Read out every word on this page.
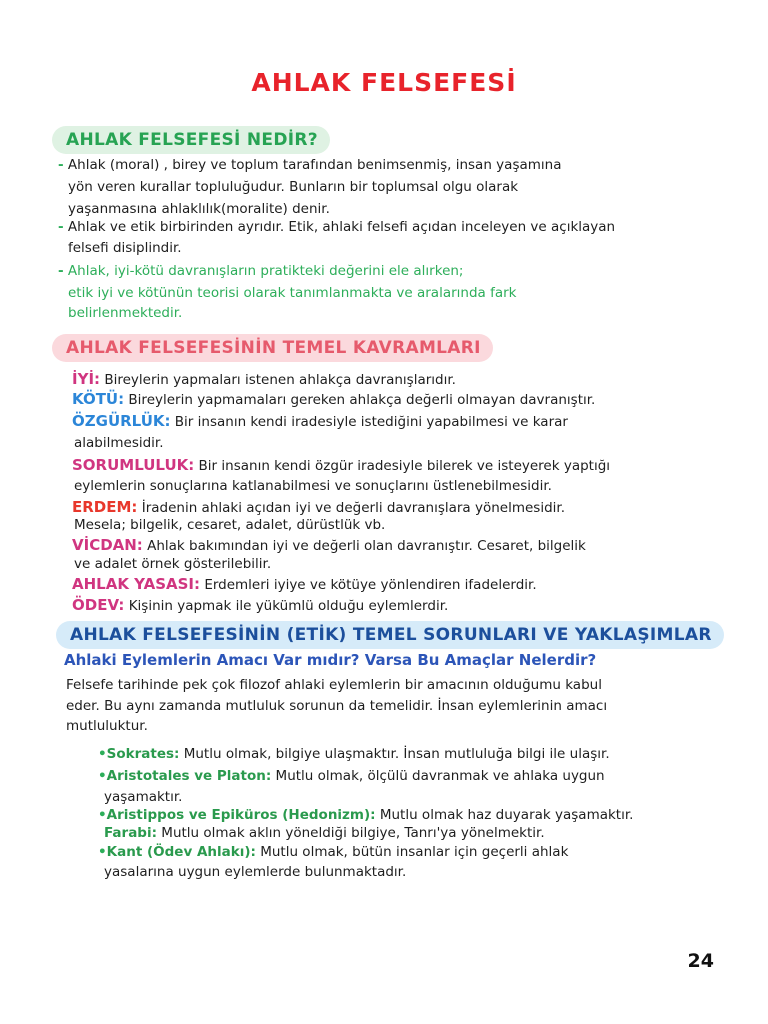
AHLAK FELSEFESİ
AHLAK FELSEFESİ NEDİR?
- Ahlak (moral) , birey ve toplum tarafından benimsenmiş, insan yaşamına
yön veren kurallar topluluğudur. Bunların bir toplumsal olgu olarak
yaşanmasına ahlaklılık(moralite) denir.
- Ahlak ve etik birbirinden ayrıdır. Etik, ahlaki felsefi açıdan inceleyen ve açıklayan
felsefi disiplindir.
- Ahlak, iyi-kötü davranışların pratikteki değerini ele alırken;
etik iyi ve kötünün teorisi olarak tanımlanmakta ve aralarında fark
belirlenmektedir.
AHLAK FELSEFESİNİN TEMEL KAVRAMLARI
İYİ: Bireylerin yapmaları istenen ahlakça davranışlarıdır.
KÖTÜ: Bireylerin yapmamaları gereken ahlakça değerli olmayan davranıştır.
ÖZGÜRLÜK: Bir insanın kendi iradesiyle istediğini yapabilmesi ve karar
alabilmesidir.
SORUMLULUK: Bir insanın kendi özgür iradesiyle bilerek ve isteyerek yaptığı
eylemlerin sonuçlarına katlanabilmesi ve sonuçlarını üstlenebilmesidir.
ERDEM: İradenin ahlaki açıdan iyi ve değerli davranışlara yönelmesidir.
Mesela; bilgelik, cesaret, adalet, dürüstlük vb.
VİCDAN: Ahlak bakımından iyi ve değerli olan davranıştır. Cesaret, bilgelik
ve adalet örnek gösterilebilir.
AHLAK YASASI: Erdemleri iyiye ve kötüye yönlendiren ifadelerdir.
ÖDEV: Kişinin yapmak ile yükümlü olduğu eylemlerdir.
AHLAK FELSEFESİNİN (ETİK) TEMEL SORUNLARI VE YAKLAŞIMLAR
Ahlaki Eylemlerin Amacı Var mıdır? Varsa Bu Amaçlar Nelerdir?
Felsefe tarihinde pek çok filozof ahlaki eylemlerin bir amacının olduğumu kabul
eder. Bu aynı zamanda mutluluk sorunun da temelidir. İnsan eylemlerinin amacı
mutluluktur.
•Sokrates: Mutlu olmak, bilgiye ulaşmaktır. İnsan mutluluğa bilgi ile ulaşır.
•Aristotales ve Platon: Mutlu olmak, ölçülü davranmak ve ahlaka uygun
yaşamaktır.
•Aristippos ve Epiküros (Hedonizm): Mutlu olmak haz duyarak yaşamaktır.
Farabi: Mutlu olmak aklın yöneldiği bilgiye, Tanrı'ya yönelmektir.
•Kant (Ödev Ahlakı): Mutlu olmak, bütün insanlar için geçerli ahlak
yasalarına uygun eylemlerde bulunmaktadır.
24
